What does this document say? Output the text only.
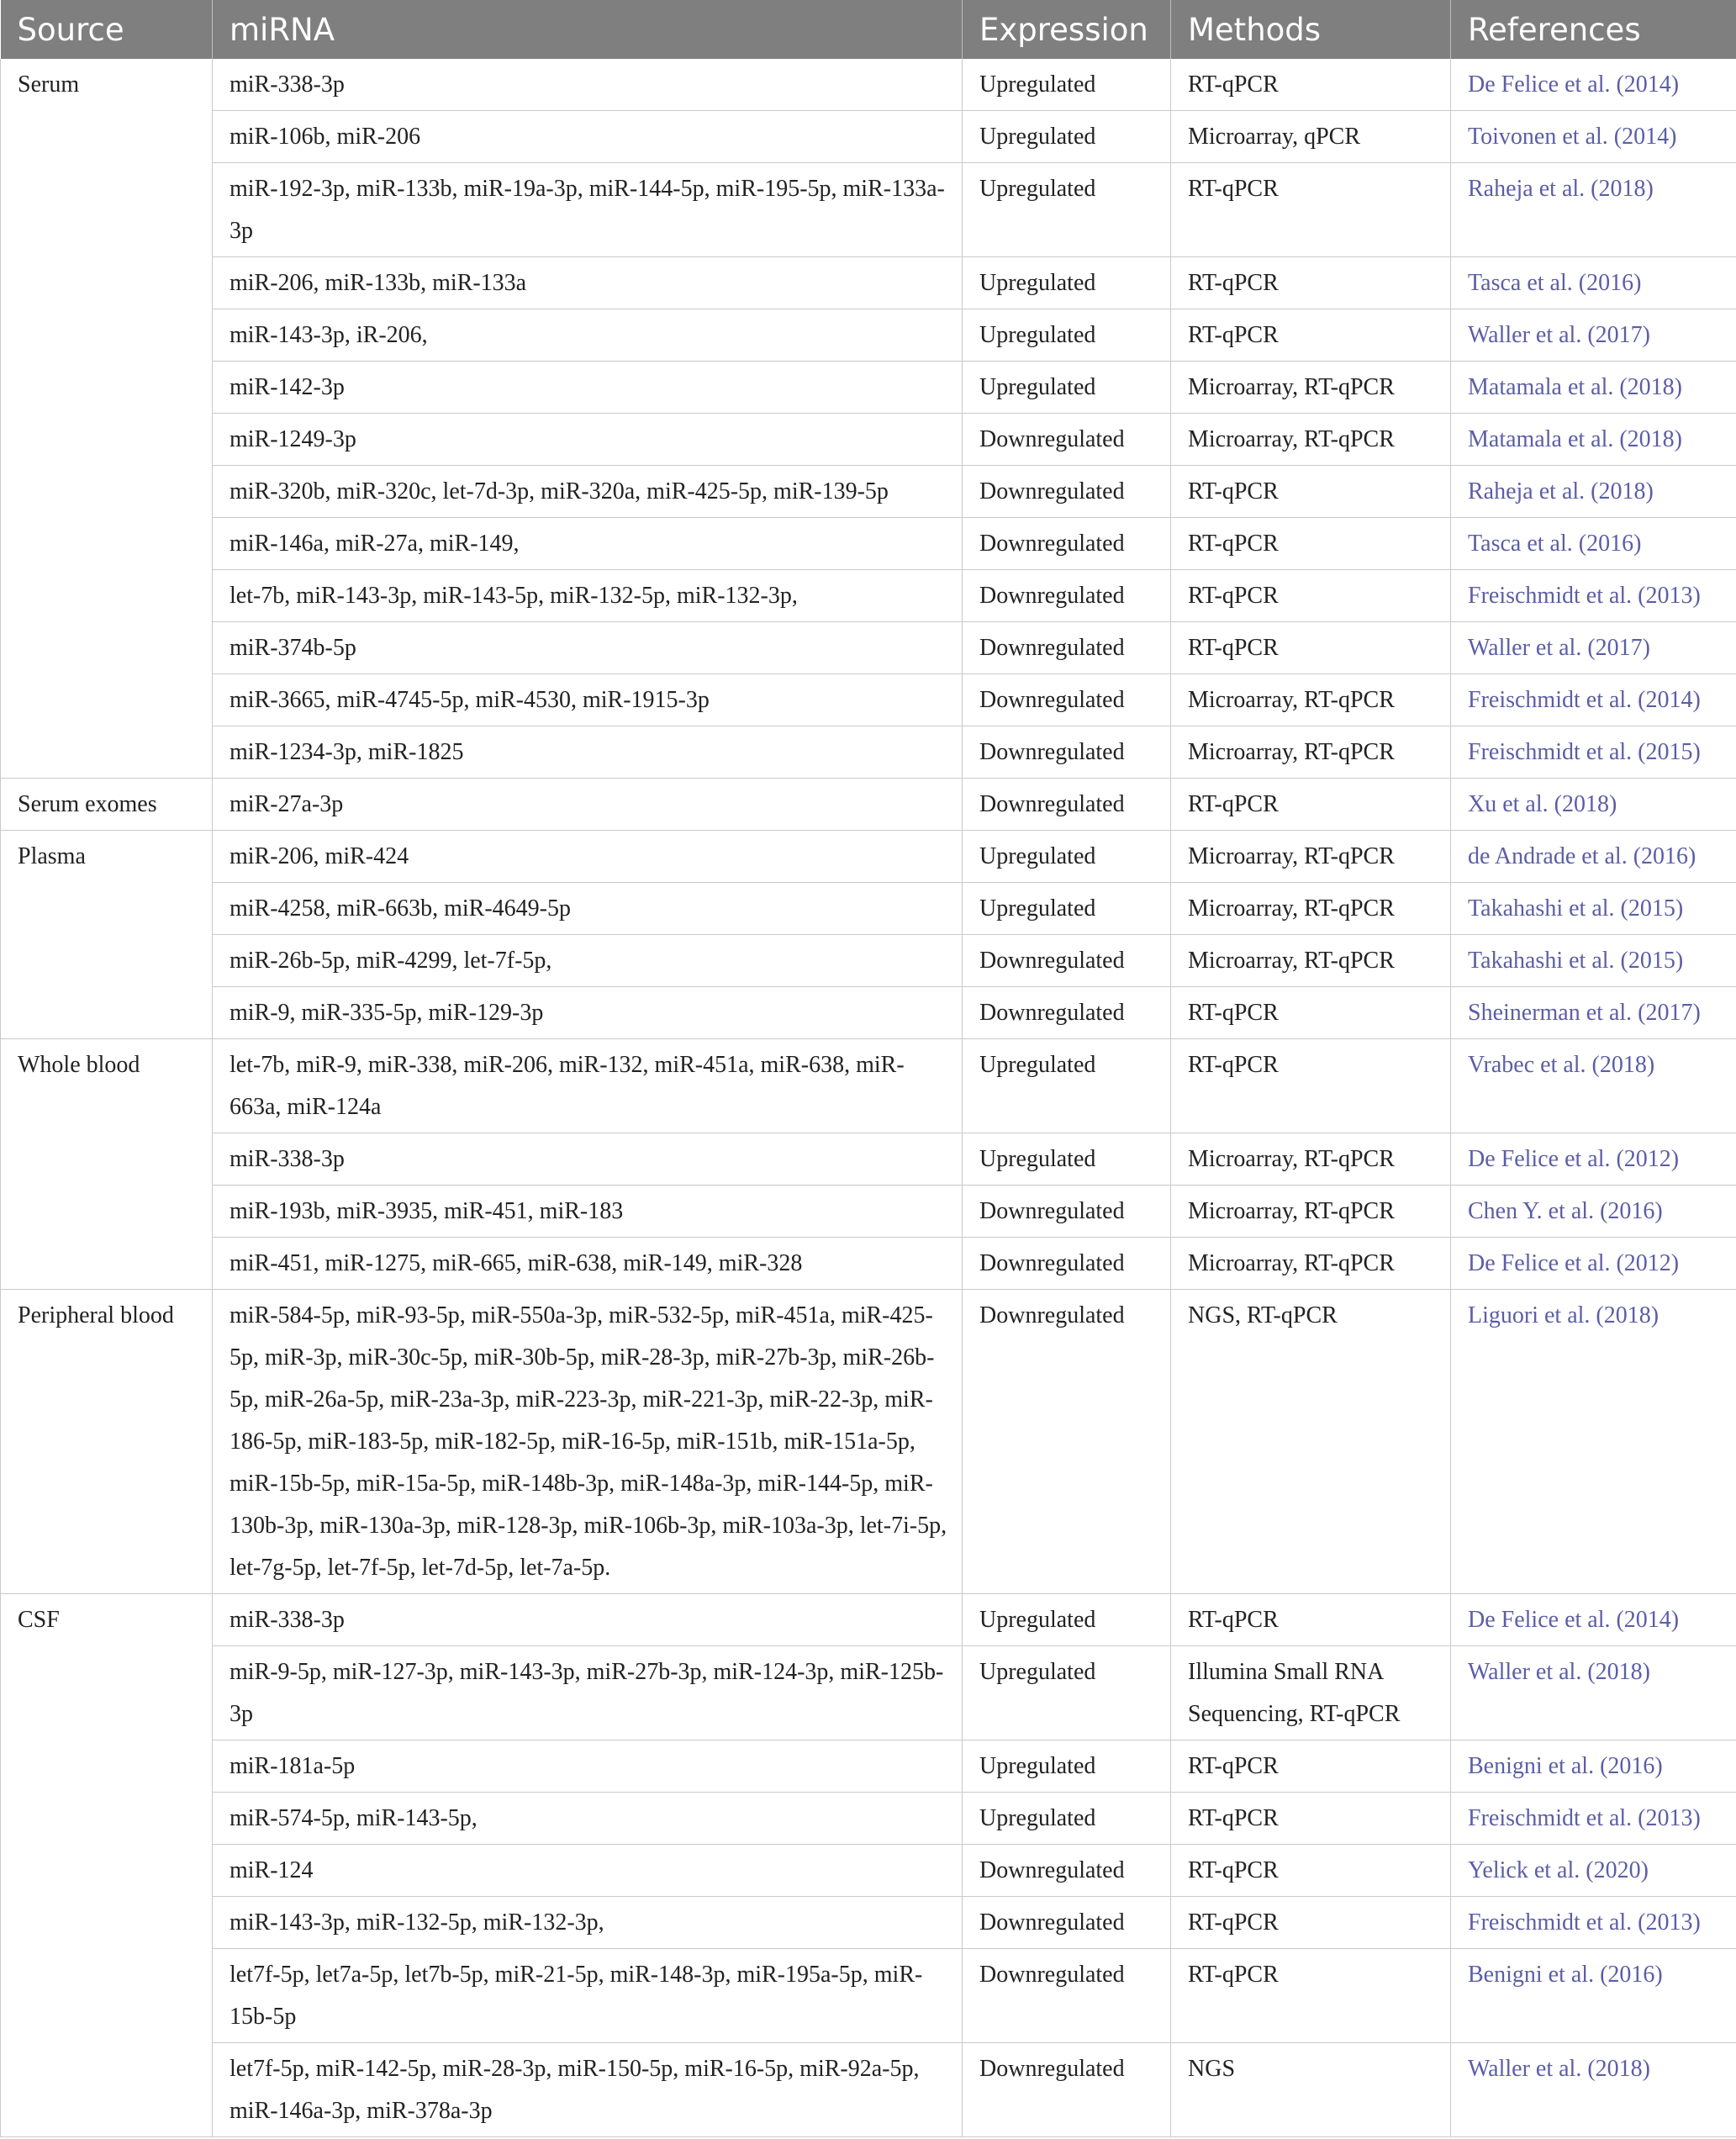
Source	miRNA	Expression	Methods	References
Serum	miR-338-3p	Upregulated	RT-qPCR	De Felice et al. (2014)
	miR-106b, miR-206	Upregulated	Microarray, qPCR	Toivonen et al. (2014)
	miR-192-3p, miR-133b, miR-19a-3p, miR-144-5p, miR-195-5p, miR-133a-3p	Upregulated	RT-qPCR	Raheja et al. (2018)
	miR-206, miR-133b, miR-133a	Upregulated	RT-qPCR	Tasca et al. (2016)
	miR-143-3p, iR-206,	Upregulated	RT-qPCR	Waller et al. (2017)
	miR-142-3p	Upregulated	Microarray, RT-qPCR	Matamala et al. (2018)
	miR-1249-3p	Downregulated	Microarray, RT-qPCR	Matamala et al. (2018)
	miR-320b, miR-320c, let-7d-3p, miR-320a, miR-425-5p, miR-139-5p	Downregulated	RT-qPCR	Raheja et al. (2018)
	miR-146a, miR-27a, miR-149,	Downregulated	RT-qPCR	Tasca et al. (2016)
	let-7b, miR-143-3p, miR-143-5p, miR-132-5p, miR-132-3p,	Downregulated	RT-qPCR	Freischmidt et al. (2013)
	miR-374b-5p	Downregulated	RT-qPCR	Waller et al. (2017)
	miR-3665, miR-4745-5p, miR-4530, miR-1915-3p	Downregulated	Microarray, RT-qPCR	Freischmidt et al. (2014)
	miR-1234-3p, miR-1825	Downregulated	Microarray, RT-qPCR	Freischmidt et al. (2015)
Serum exomes	miR-27a-3p	Downregulated	RT-qPCR	Xu et al. (2018)
Plasma	miR-206, miR-424	Upregulated	Microarray, RT-qPCR	de Andrade et al. (2016)
	miR-4258, miR-663b, miR-4649-5p	Upregulated	Microarray, RT-qPCR	Takahashi et al. (2015)
	miR-26b-5p, miR-4299, let-7f-5p,	Downregulated	Microarray, RT-qPCR	Takahashi et al. (2015)
	miR-9, miR-335-5p, miR-129-3p	Downregulated	RT-qPCR	Sheinerman et al. (2017)
Whole blood	let-7b, miR-9, miR-338, miR-206, miR-132, miR-451a, miR-638, miR-663a, miR-124a	Upregulated	RT-qPCR	Vrabec et al. (2018)
	miR-338-3p	Upregulated	Microarray, RT-qPCR	De Felice et al. (2012)
	miR-193b, miR-3935, miR-451, miR-183	Downregulated	Microarray, RT-qPCR	Chen Y. et al. (2016)
	miR-451, miR-1275, miR-665, miR-638, miR-149, miR-328	Downregulated	Microarray, RT-qPCR	De Felice et al. (2012)
Peripheral blood	miR-584-5p, miR-93-5p, miR-550a-3p, miR-532-5p, miR-451a, miR-425-5p, miR-3p, miR-30c-5p, miR-30b-5p, miR-28-3p, miR-27b-3p, miR-26b-5p, miR-26a-5p, miR-23a-3p, miR-223-3p, miR-221-3p, miR-22-3p, miR-186-5p, miR-183-5p, miR-182-5p, miR-16-5p, miR-151b, miR-151a-5p, miR-15b-5p, miR-15a-5p, miR-148b-3p, miR-148a-3p, miR-144-5p, miR-130b-3p, miR-130a-3p, miR-128-3p, miR-106b-3p, miR-103a-3p, let-7i-5p, let-7g-5p, let-7f-5p, let-7d-5p, let-7a-5p.	Downregulated	NGS, RT-qPCR	Liguori et al. (2018)
CSF	miR-338-3p	Upregulated	RT-qPCR	De Felice et al. (2014)
	miR-9-5p, miR-127-3p, miR-143-3p, miR-27b-3p, miR-124-3p, miR-125b-3p	Upregulated	Illumina Small RNA Sequencing, RT-qPCR	Waller et al. (2018)
	miR-181a-5p	Upregulated	RT-qPCR	Benigni et al. (2016)
	miR-574-5p, miR-143-5p,	Upregulated	RT-qPCR	Freischmidt et al. (2013)
	miR-124	Downregulated	RT-qPCR	Yelick et al. (2020)
	miR-143-3p, miR-132-5p, miR-132-3p,	Downregulated	RT-qPCR	Freischmidt et al. (2013)
	let7f-5p, let7a-5p, let7b-5p, miR-21-5p, miR-148-3p, miR-195a-5p, miR-15b-5p	Downregulated	RT-qPCR	Benigni et al. (2016)
	let7f-5p, miR-142-5p, miR-28-3p, miR-150-5p, miR-16-5p, miR-92a-5p, miR-146a-3p, miR-378a-3p	Downregulated	NGS	Waller et al. (2018)
